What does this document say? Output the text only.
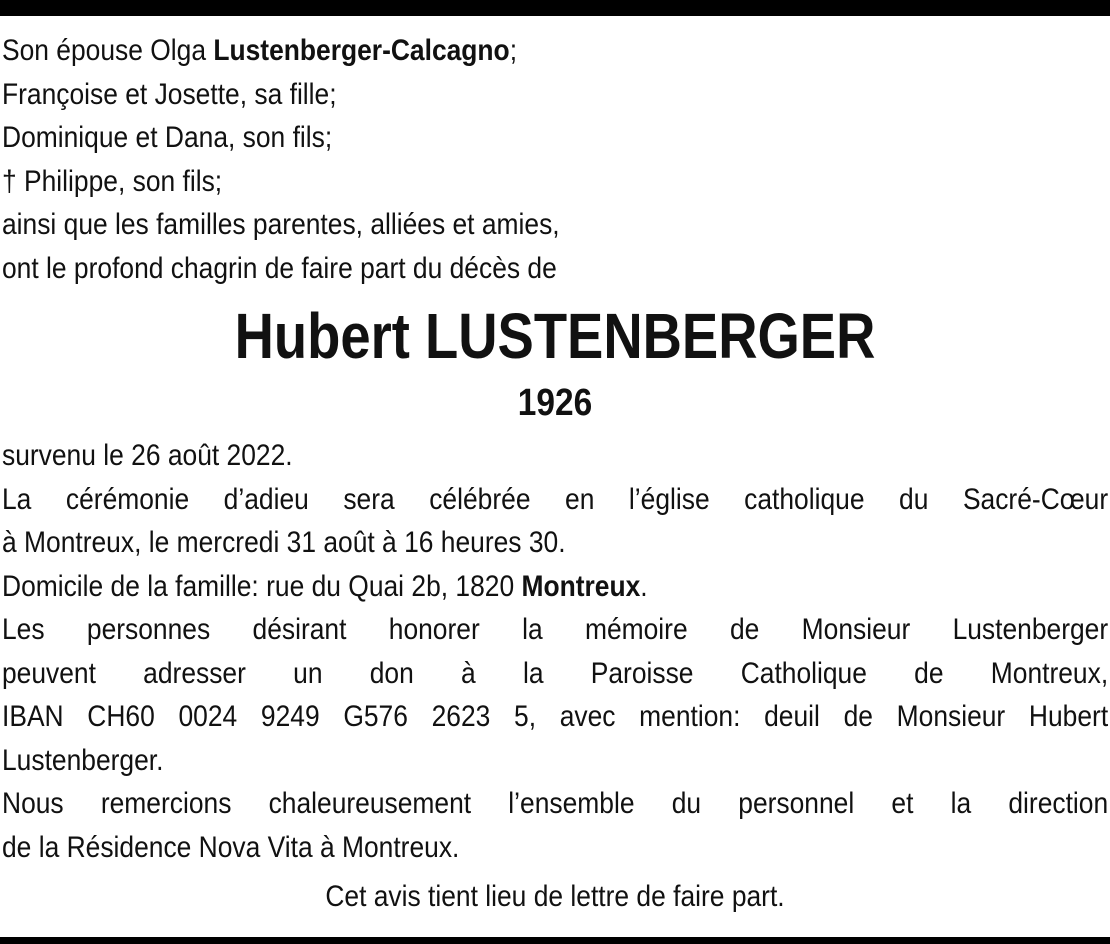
Son épouse Olga Lustenberger-Calcagno;
Françoise et Josette, sa fille;
Dominique et Dana, son fils;
† Philippe, son fils;
ainsi que les familles parentes, alliées et amies,
ont le profond chagrin de faire part du décès de
Hubert LUSTENBERGER
1926
survenu le 26 août 2022.
La cérémonie d’adieu sera célébrée en l’église catholique du Sacré-Cœur
à Montreux, le mercredi 31 août à 16 heures 30.
Domicile de la famille: rue du Quai 2b, 1820 Montreux.
Les personnes désirant honorer la mémoire de Monsieur Lustenberger
peuvent adresser un don à la Paroisse Catholique de Montreux,
IBAN CH60 0024 9249 G576 2623 5, avec mention: deuil de Monsieur Hubert
Lustenberger.
Nous remercions chaleureusement l’ensemble du personnel et la direction
de la Résidence Nova Vita à Montreux.
Cet avis tient lieu de lettre de faire part.
